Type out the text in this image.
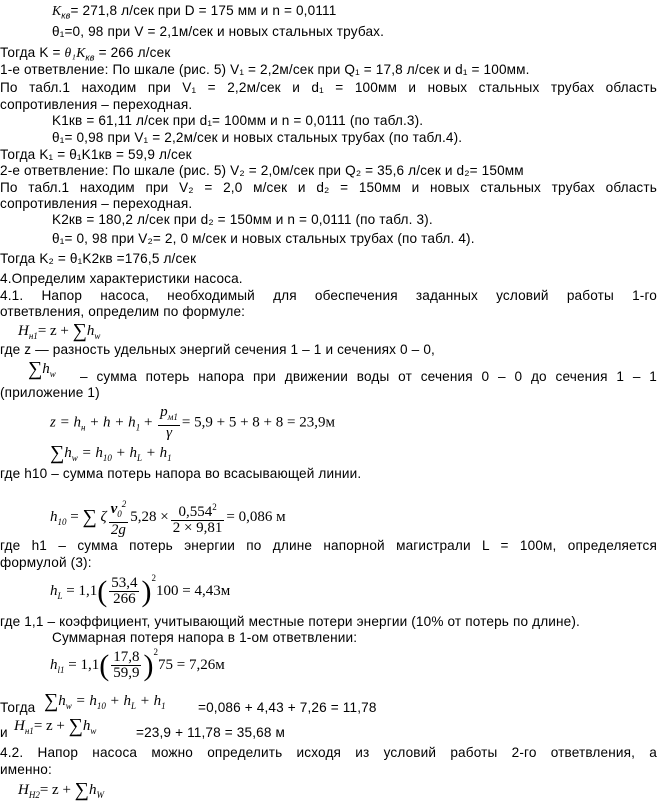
$K_{кв}= 271,8$ л/сек при D = 175 мм и n = 0,0111
θ₁=0, 98 при V = 2,1м/сек и новых стальных трубах.
Тогда $K = \theta_1K_{кв} = 266$ л/сек
1-е ответвление: По шкале (рис. 5) V₁ = 2,2м/сек при Q₁ = 17,8 л/сек и d₁ = 100мм.
По табл.1 находим при V₁ = 2,2м/сек и d₁ = 100мм и новых стальных трубах область
сопротивления – переходная.
K1кв = 61,11 л/сек при d₁= 100мм и n = 0,0111 (по табл.3).
θ₁= 0,98 при V₁ = 2,2м/сек и новых стальных трубах (по табл.4).
Тогда K₁ = θ₁K1кв = 59,9 л/сек
2-е ответвление: По шкале (рис. 5) V₂ = 2,0м/сек при Q₂ = 35,6 л/сек и d₂= 150мм
По табл.1 находим при V₂ = 2,0 м/сек и d₂ = 150мм и новых стальных трубах область
сопротивления – переходная.
K2кв = 180,2 л/сек при d₂ = 150мм и n = 0,0111 (по табл. 3).
θ₁= 0, 98 при V₂= 2, 0 м/сек и новых стальных трубах (по табл. 4).
Тогда K₂ = θ₁K2кв =176,5 л/сек
4.Определим характеристики насоса.
4.1. Напор насоса, необходимый для обеспечения заданных условий работы 1-го
ответвления, определим по формуле:
$H_{н1}= z + \sum h_w$
где z — разность удельных энергий сечения 1 – 1 и сечениях 0 – 0,
$\sum h_w$ – сумма потерь напора при движении воды от сечения 0 – 0 до сечения 1 – 1
(приложение 1)
$z = h_н + h + h_1 + \frac{p_{м1}}{\gamma} = 5,9 + 5 + 8 + 8 = 23,9м$
$\sum h_w = h_{10} + h_L + h_1$
где h10 – сумма потерь напора во всасывающей линии.
$h_{10}$ = ∑ ζ $\frac{v_0^2}{2g} 5,28 \times \frac{0,554^2}{2 \times 9,81} = 0,086$ м
где h1 – сумма потерь энергии по длине напорной магистрали L = 100м, определяется
формулой (3):
$h_L = 1,1( \frac{53,4}{266} )^2100 = 4,43м$
где 1,1 – коэффициент, учитывающий местные потери энергии (10% от потерь по длине).
Суммарная потеря напора в 1-ом ответвлении:
$h_{l1} = 1,1( \frac{17,8}{59,9} )^275 = 7,26м$
Тогда $\sum h_w = h_{10} + h_L + h_1 =0,086 + 4,43 + 7,26 = 11,78$
и $H_{н1}= z + \sum h_w$	=23,9 + 11,78 = 35,68 м
4.2. Напор насоса можно определить исходя из условий работы 2-го ответвления, а
именно:
$H_{H2}= z + \sum h_W$
